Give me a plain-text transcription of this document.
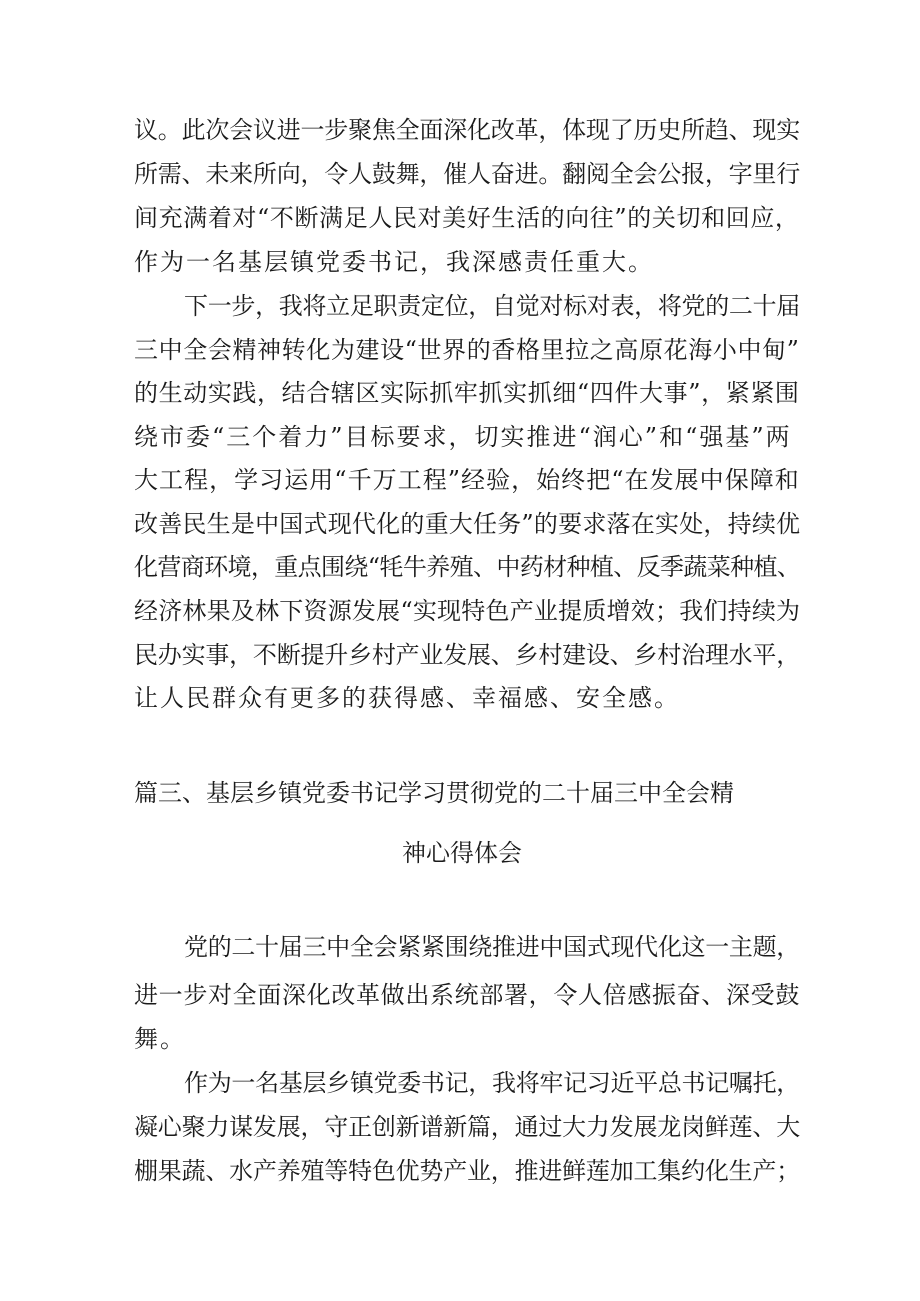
议。此次会议进一步聚焦全面深化改革，体现了历史所趋、现实
所需、未来所向，令人鼓舞，催人奋进。翻阅全会公报，字里行
间充满着对“不断满足人民对美好生活的向往”的关切和回应，
作为一名基层镇党委书记，我深感责任重大。
下一步，我将立足职责定位，自觉对标对表，将党的二十届
三中全会精神转化为建设“世界的香格里拉之高原花海小中甸”
的生动实践，结合辖区实际抓牢抓实抓细“四件大事”，紧紧围
绕市委“三个着力”目标要求，切实推进“润心”和“强基”两
大工程，学习运用“千万工程”经验，始终把“在发展中保障和
改善民生是中国式现代化的重大任务”的要求落在实处，持续优
化营商环境，重点围绕“牦牛养殖、中药材种植、反季蔬菜种植、
经济林果及林下资源发展“实现特色产业提质增效；我们持续为
民办实事，不断提升乡村产业发展、乡村建设、乡村治理水平，
让人民群众有更多的获得感、幸福感、安全感。
篇三、基层乡镇党委书记学习贯彻党的二十届三中全会精
神心得体会
党的二十届三中全会紧紧围绕推进中国式现代化这一主题，
进一步对全面深化改革做出系统部署，令人倍感振奋、深受鼓
舞。
作为一名基层乡镇党委书记，我将牢记习近平总书记嘱托，
凝心聚力谋发展，守正创新谱新篇，通过大力发展龙岗鲜莲、大
棚果蔬、水产养殖等特色优势产业，推进鲜莲加工集约化生产；
